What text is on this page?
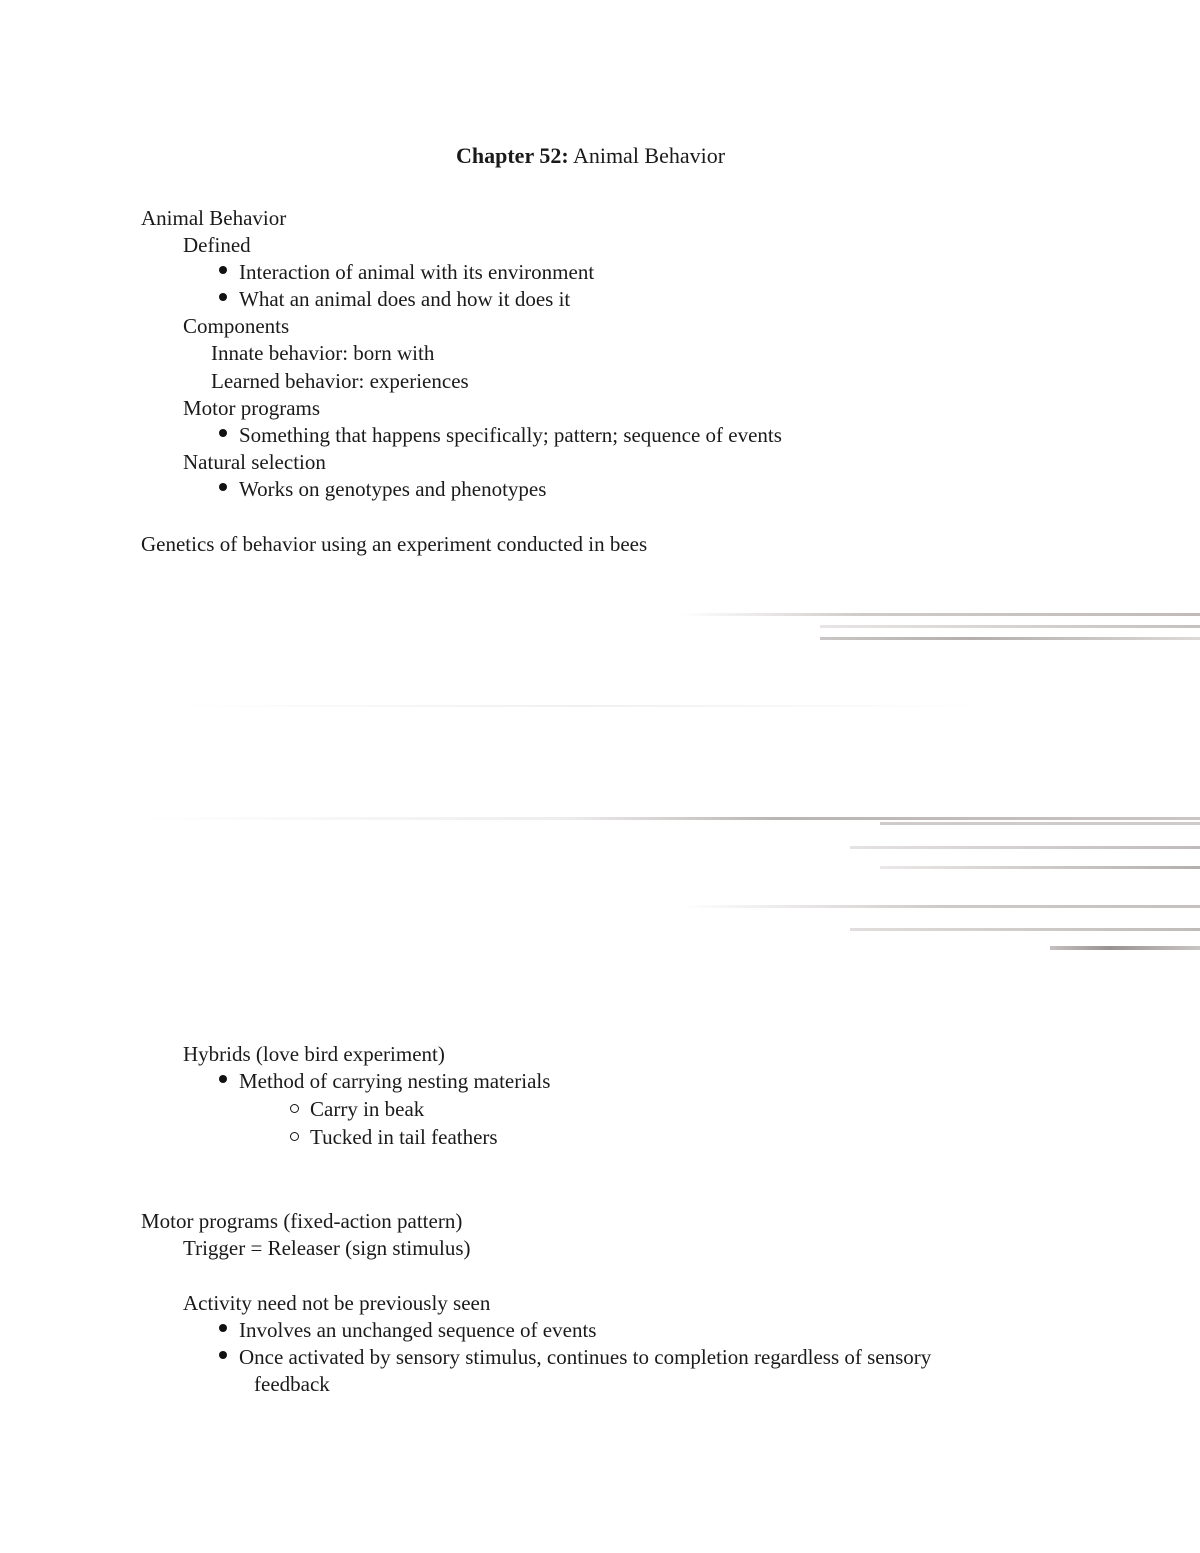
Chapter 52: Animal Behavior
Animal Behavior
Defined
Interaction of animal with its environment
What an animal does and how it does it
Components
Innate behavior: born with
Learned behavior: experiences
Motor programs
Something that happens specifically; pattern; sequence of events
Natural selection
Works on genotypes and phenotypes
Genetics of behavior using an experiment conducted in bees
Hybrids (love bird experiment)
Method of carrying nesting materials
Carry in beak
Tucked in tail feathers
Motor programs (fixed-action pattern)
Trigger = Releaser (sign stimulus)
Activity need not be previously seen
Involves an unchanged sequence of events
Once activated by sensory stimulus, continues to completion regardless of sensory
feedback
